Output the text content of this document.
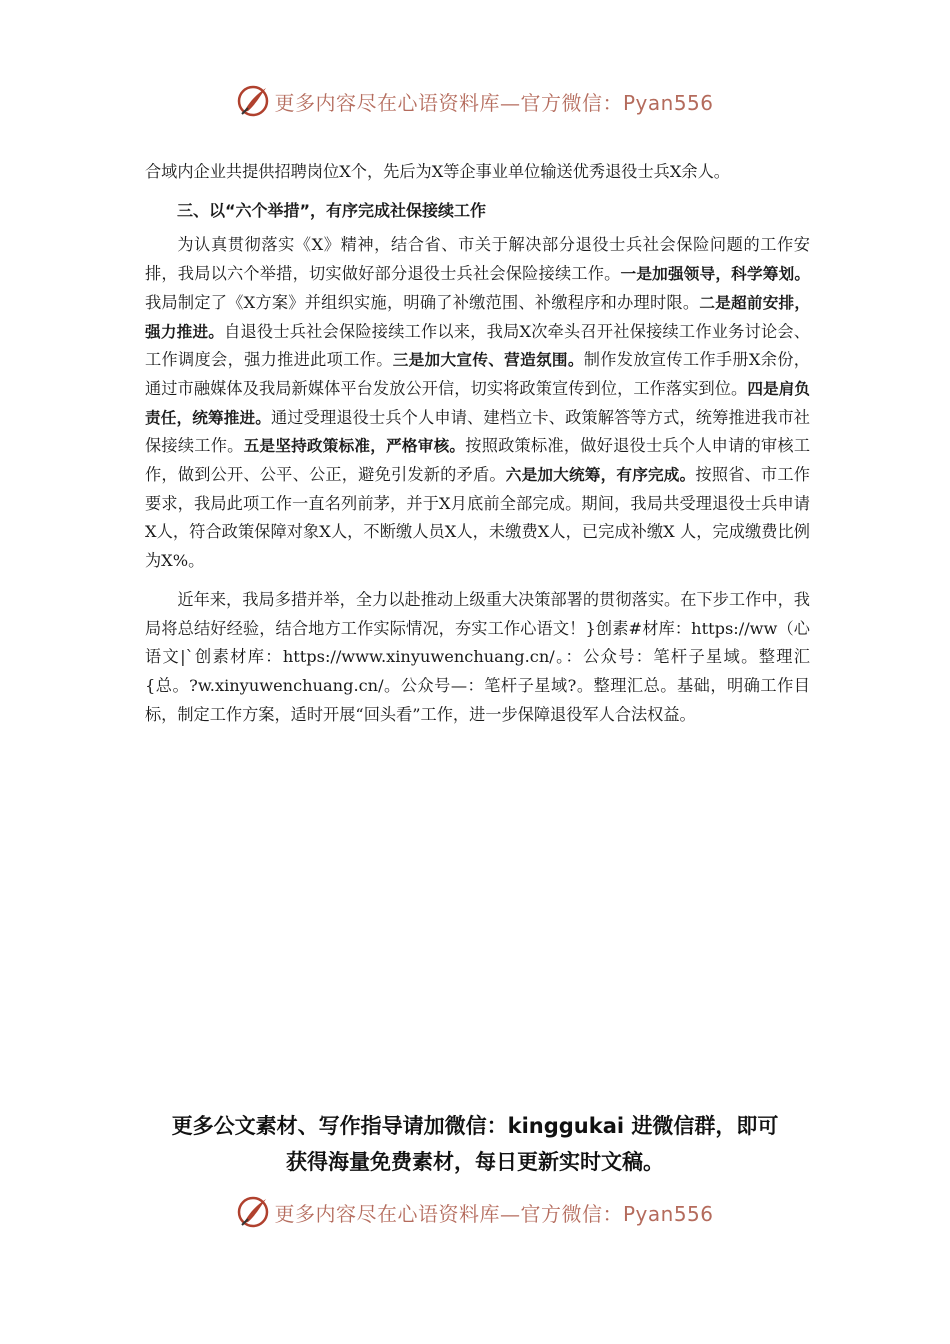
更多内容尽在心语资料库—官方微信：Pyan556

合域内企业共提供招聘岗位X个，先后为X等企事业单位输送优秀退役士兵X余人。

三、以“六个举措”，有序完成社保接续工作

为认真贯彻落实《X》精神，结合省、市关于解决部分退役士兵社会保险问题的工作安排，我局以六个举措，切实做好部分退役士兵社会保险接续工作。一是加强领导，科学筹划。我局制定了《X方案》并组织实施，明确了补缴范围、补缴程序和办理时限。二是超前安排，强力推进。自退役士兵社会保险接续工作以来，我局X次牵头召开社保接续工作业务讨论会、工作调度会，强力推进此项工作。三是加大宣传、营造氛围。制作发放宣传工作手册X余份，通过市融媒体及我局新媒体平台发放公开信，切实将政策宣传到位，工作落实到位。四是肩负责任，统筹推进。通过受理退役士兵个人申请、建档立卡、政策解答等方式，统筹推进我市社保接续工作。五是坚持政策标准，严格审核。按照政策标准，做好退役士兵个人申请的审核工作，做到公开、公平、公正，避免引发新的矛盾。六是加大统筹，有序完成。按照省、市工作要求，我局此项工作一直名列前茅，并于X月底前全部完成。期间，我局共受理退役士兵申请X人，符合政策保障对象X人，不断缴人员X人，未缴费X人，已完成补缴X 人，完成缴费比例为X%。

近年来，我局多措并举，全力以赴推动上级重大决策部署的贯彻落实。在下步工作中，我局将总结好经验，结合地方工作实际情况，夯实工作心语文！}创素#材库：https://ww（心语文|`创素材库：https://www.xinyuwenchuang.cn/。：公众号：笔杆子星域。整理汇{总。?w.xinyuwenchuang.cn/。公众号—：笔杆子星域?。整理汇总。基础，明确工作目标，制定工作方案，适时开展“回头看”工作，进一步保障退役军人合法权益。

更多公文素材、写作指导请加微信：kinggukai 进微信群，即可
获得海量免费素材，每日更新实时文稿。
更多内容尽在心语资料库—官方微信：Pyan556
